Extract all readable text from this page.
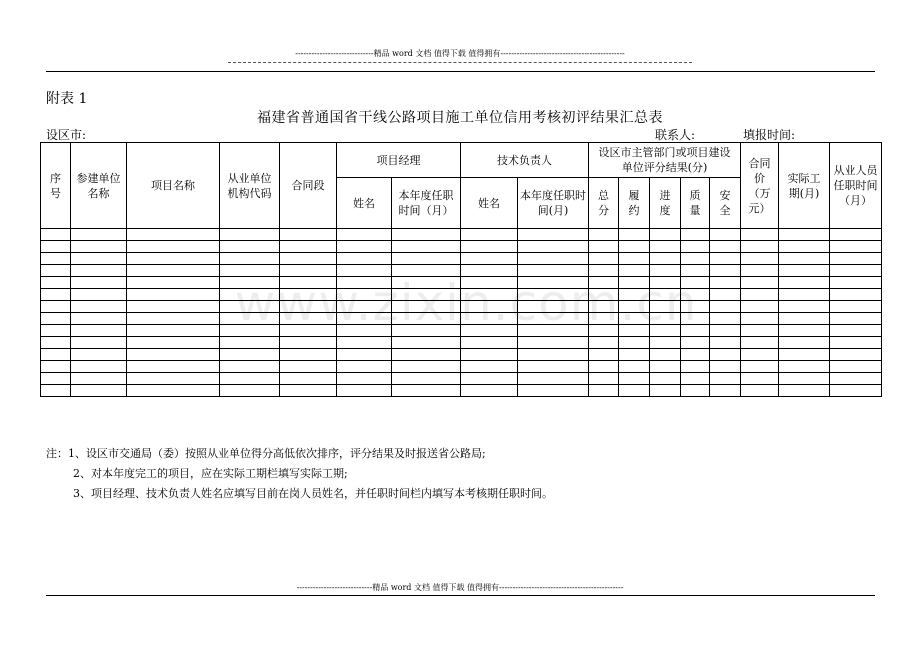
-----------------------------精品 word 文档 值得下载 值得拥有----------------------------------------------
附表 1
福建省普通国省干线公路项目施工单位信用考核初评结果汇总表
设区市:	联系人:	填报时间:
序号	参建单位名称	项目名称	从业单位机构代码	合同段	项目经理		技术负责人		设区市主管部门或项目建设单位评分结果(分)					合同价（万元）	实际工期(月)	从业人员任职时间（月）

					姓名	本年度任职时间（月）	姓名	本年度任职时间(月)	总分	履约	进度	质量	安全			

www.zixin.com.cn
注：1、设区市交通局（委）按照从业单位得分高低依次排序，评分结果及时报送省公路局;
2、对本年度完工的项目，应在实际工期栏填写实际工期;
3、项目经理、技术负责人姓名应填写目前在岗人员姓名，并任职时间栏内填写本考核期任职时间。
----------------------------精品 word 文档 值得下载 值得拥有----------------------------------------------
